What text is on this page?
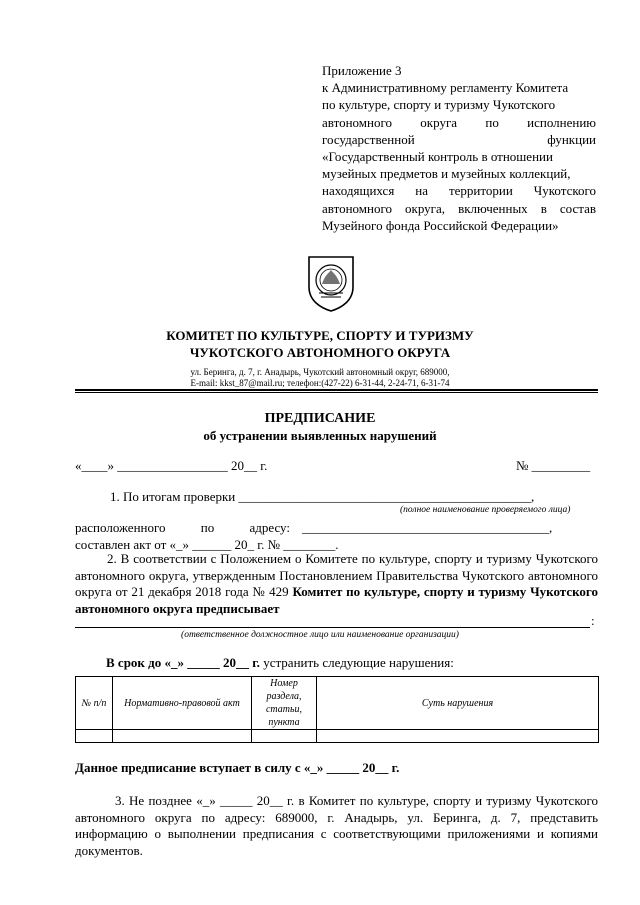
Приложение 3
к Административному регламенту Комитета
по культуре, спорту и туризму Чукотского
автономного округа по исполнению
государственной функции
«Государственный контроль в отношении
музейных предметов и музейных коллекций,
находящихся на территории Чукотского
автономного округа, включенных в состав
Музейного фонда Российской Федерации»
КОМИТЕТ ПО КУЛЬТУРЕ, СПОРТУ И ТУРИЗМУ
ЧУКОТСКОГО АВТОНОМНОГО ОКРУГА
ул. Беринга, д. 7, г. Анадырь, Чукотский автономный округ, 689000,
E-mail: kkst_87@mail.ru; телефон:(427-22) 6-31-44, 2-24-71, 6-31-74
ПРЕДПИСАНИЕ
об устранении выявленных нарушений
«____» _________________ 20__ г.	№ _________
1. По итогам проверки _____________________________________________,
(полное наименование проверяемого лица)
расположенного по адресу: ______________________________________,
составлен акт от «_» ______ 20_ г. № ________.
2. В соответствии с Положением о Комитете по культуре, спорту и туризму Чукотского автономного округа, утвержденным Постановлением Правительства Чукотского автономного округа от 21 декабря 2018 года № 429 Комитет по культуре, спорту и туризму Чукотского автономного округа предписывает
:
(ответственное должностное лицо или наименование организации)
В срок до «_» _____ 20__ г. устранить следующие нарушения:
№ п/п	Нормативно-правовой акт	Номер раздела, статьи, пункта	Суть нарушения

Данное предписание вступает в силу с «_» _____ 20__ г.
3. Не позднее «_» _____ 20__ г. в Комитет по культуре, спорту и туризму Чукотского автономного округа по адресу: 689000, г. Анадырь, ул. Беринга, д. 7, представить информацию о выполнении предписания с соответствующими приложениями и копиями документов.
